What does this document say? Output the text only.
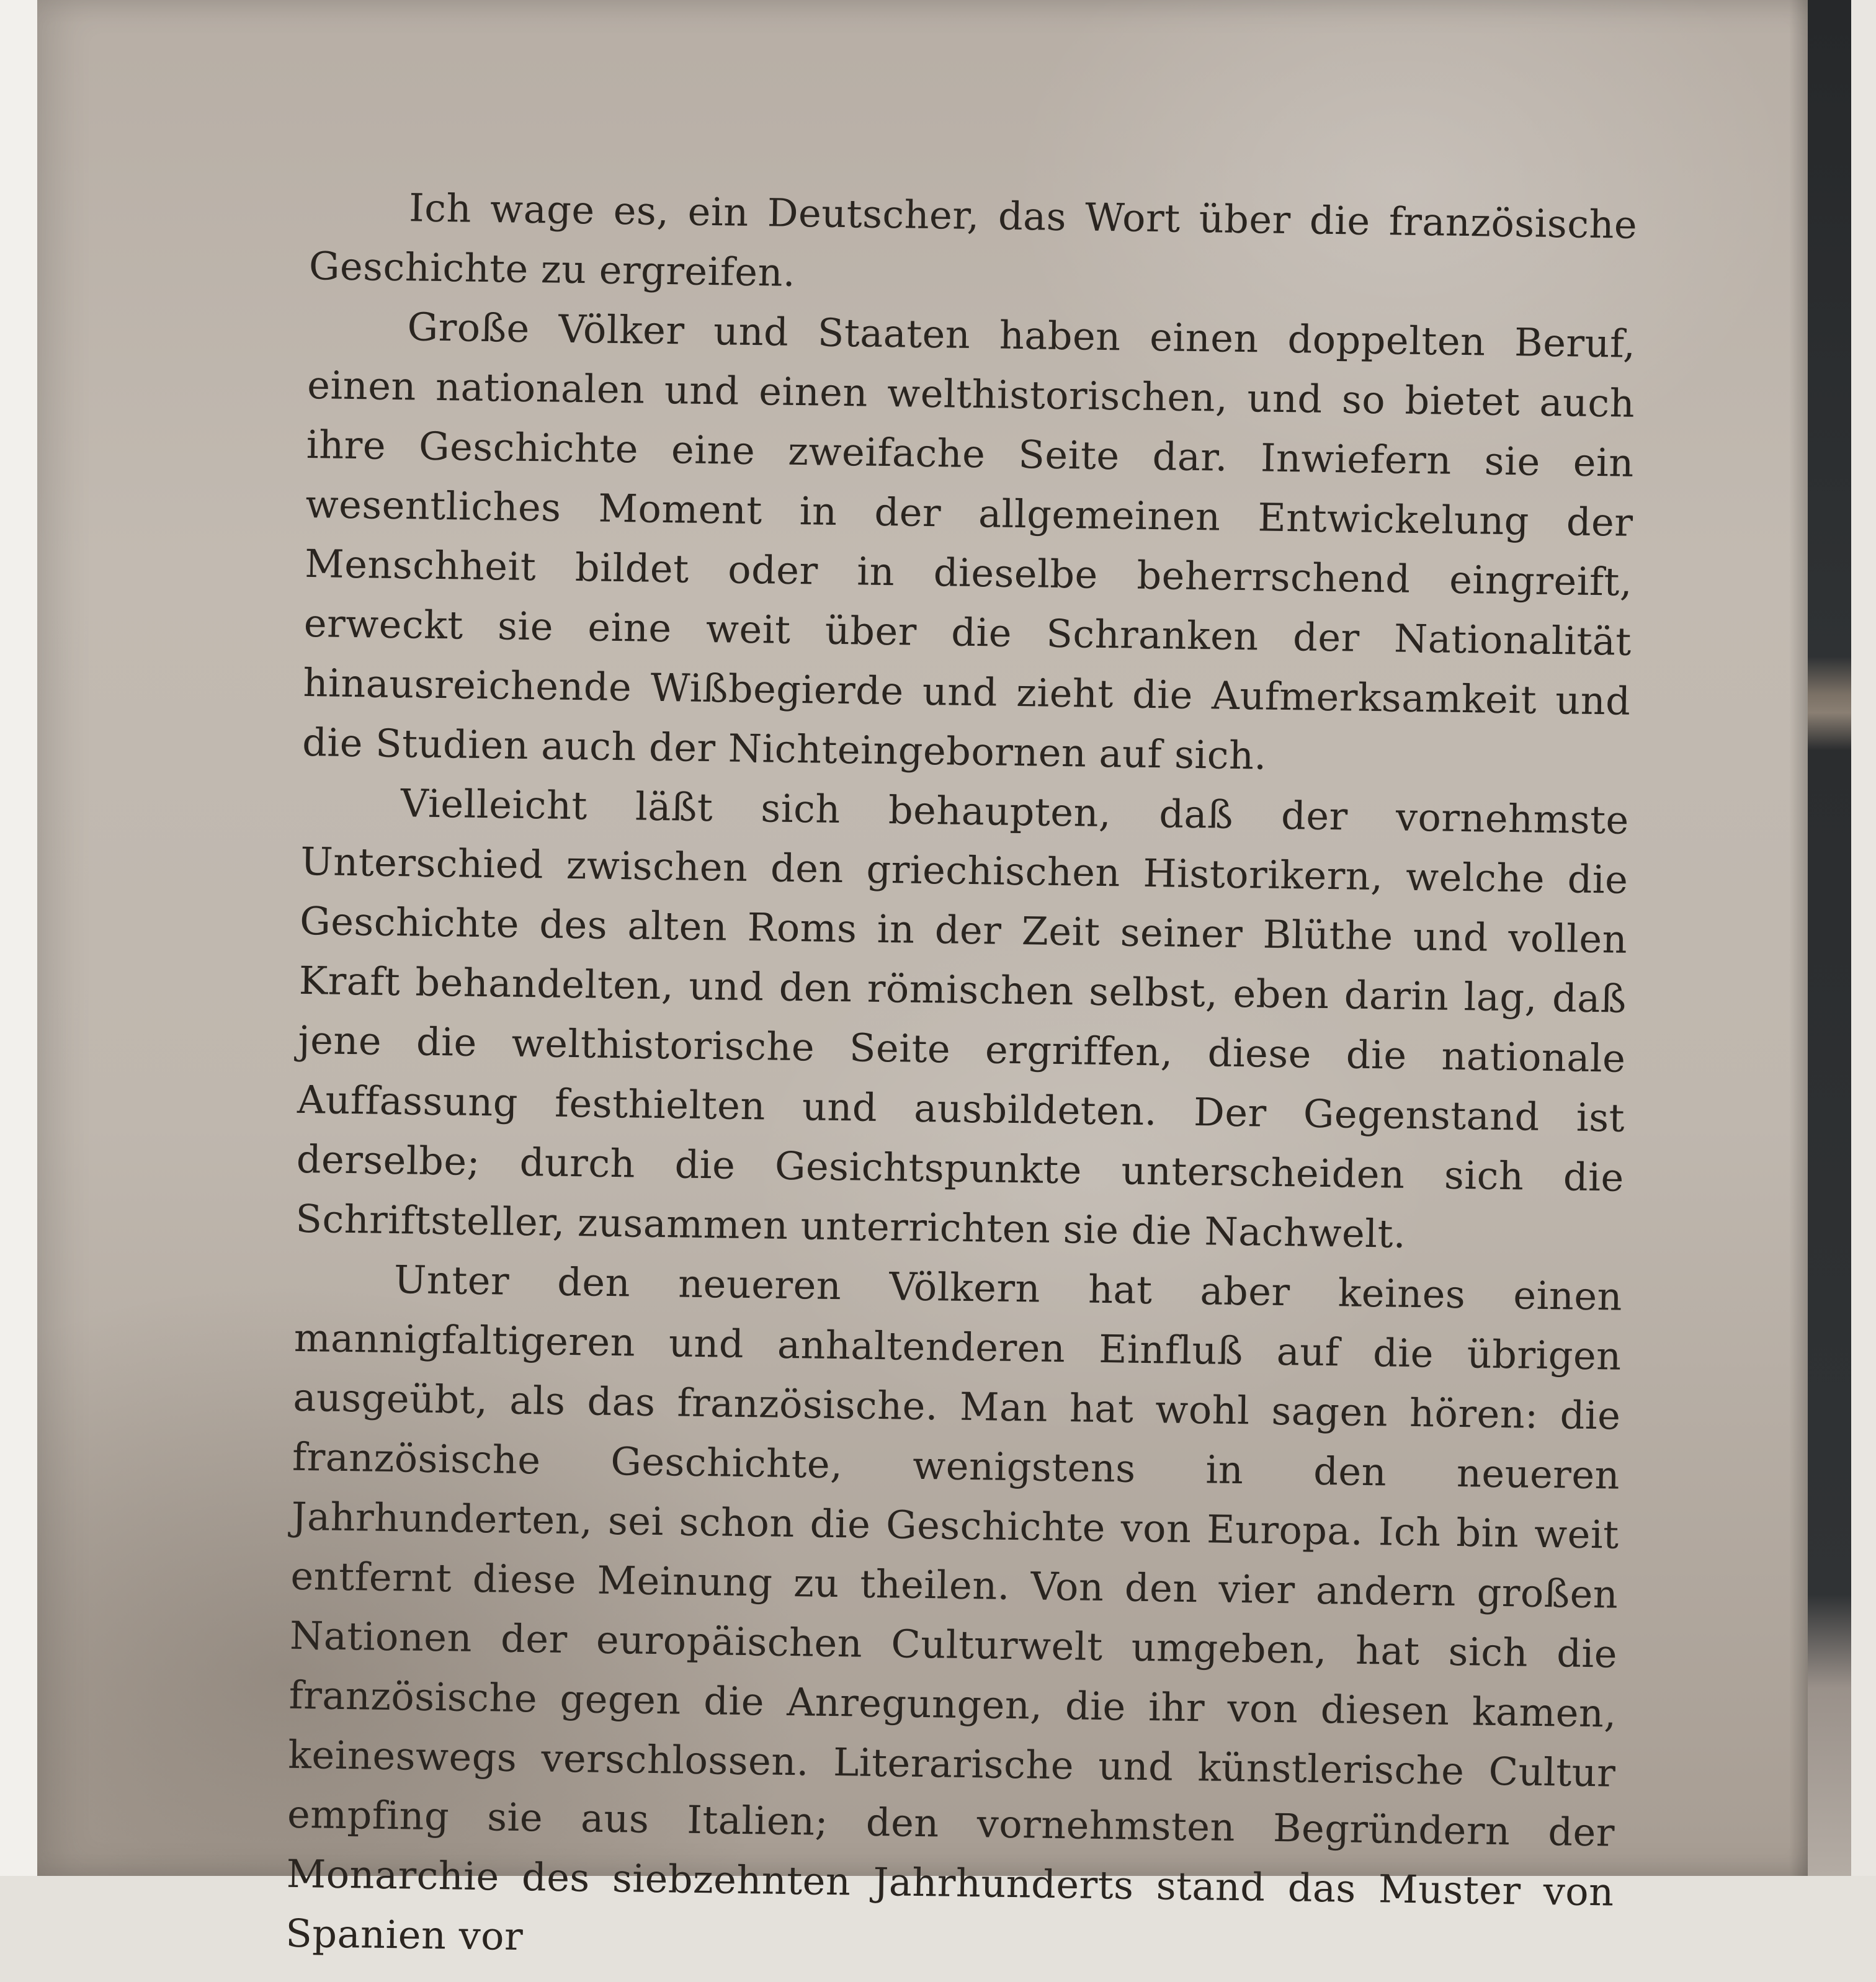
Ich wage es, ein Deutscher, das Wort über die französische Geschichte zu ergreifen.

Große Völker und Staaten haben einen doppelten Beruf, einen nationalen und einen welthistorischen, und so bietet auch ihre Geschichte eine zweifache Seite dar. Inwiefern sie ein wesentliches Moment in der allgemeinen Entwickelung der Menschheit bildet oder in dieselbe beherrschend eingreift, erweckt sie eine weit über die Schranken der Nationalität hinausreichende Wißbegierde und zieht die Aufmerksamkeit und die Studien auch der Nichteingebornen auf sich.

Vielleicht läßt sich behaupten, daß der vornehmste Unterschied zwischen den griechischen Historikern, welche die Geschichte des alten Roms in der Zeit seiner Blüthe und vollen Kraft behandelten, und den römischen selbst, eben darin lag, daß jene die welthistorische Seite ergriffen, diese die nationale Auffassung festhielten und ausbildeten. Der Gegenstand ist derselbe; durch die Gesichtspunkte unterscheiden sich die Schriftsteller, zusammen unterrichten sie die Nachwelt.

Unter den neueren Völkern hat aber keines einen mannigfaltigeren und anhaltenderen Einfluß auf die übrigen ausgeübt, als das französische. Man hat wohl sagen hören: die französische Geschichte, wenigstens in den neueren Jahrhunderten, sei schon die Geschichte von Europa. Ich bin weit entfernt diese Meinung zu theilen. Von den vier andern großen Nationen der europäischen Culturwelt umgeben, hat sich die französische gegen die Anregungen, die ihr von diesen kamen, keineswegs verschlossen. Literarische und künstlerische Cultur empfing sie aus Italien; den vornehmsten Begründern der Monarchie des siebzehnten Jahrhunderts stand das Muster von Spanien vor
